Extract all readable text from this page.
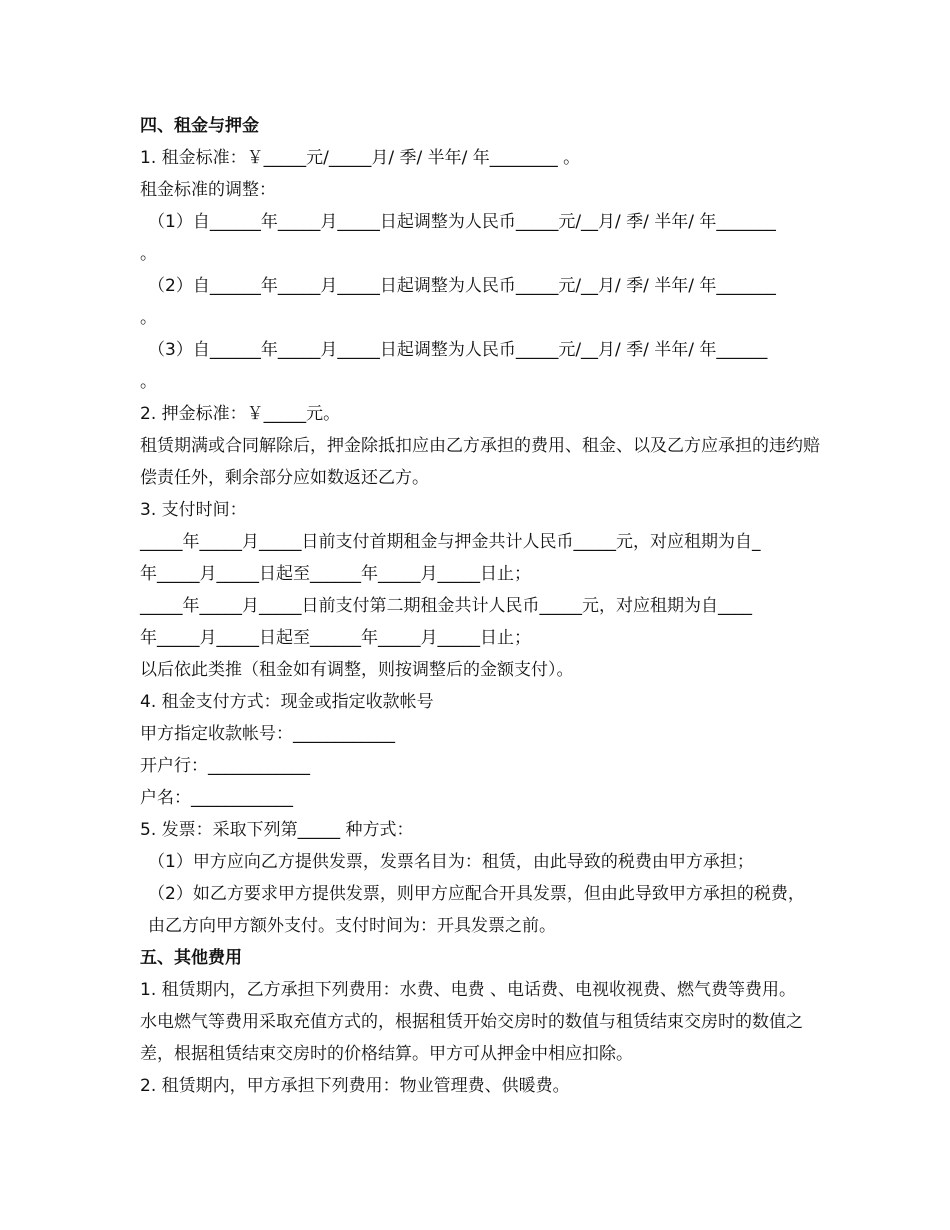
四、租金与押金
1. 租金标准：￥_____元/_____月/ 季/ 半年/ 年________ 。
租金标准的调整：
（1）自______年_____月_____日起调整为人民币_____元/__月/ 季/ 半年/ 年_______
。
（2）自______年_____月_____日起调整为人民币_____元/__月/ 季/ 半年/ 年_______
。
（3）自______年_____月_____日起调整为人民币_____元/__月/ 季/ 半年/ 年______
。
2. 押金标准：￥_____元。
租赁期满或合同解除后，押金除抵扣应由乙方承担的费用、租金、以及乙方应承担的违约赔偿责任外，剩余部分应如数返还乙方。
3. 支付时间：
_____年_____月_____日前支付首期租金与押金共计人民币_____元，对应租期为自_
年_____月_____日起至______年_____月_____日止；
_____年_____月_____日前支付第二期租金共计人民币_____元，对应租期为自____
年_____月_____日起至______年_____月_____日止；
以后依此类推（租金如有调整，则按调整后的金额支付）。
4. 租金支付方式：现金或指定收款帐号
甲方指定收款帐号：____________
开户行：____________
户名：____________
5. 发票：采取下列第_____ 种方式：
（1）甲方应向乙方提供发票，发票名目为：租赁，由此导致的税费由甲方承担；
（2）如乙方要求甲方提供发票，则甲方应配合开具发票，但由此导致甲方承担的税费，由乙方向甲方额外支付。支付时间为：开具发票之前。
五、其他费用
1. 租赁期内，乙方承担下列费用：水费、电费 、电话费、电视收视费、燃气费等费用。
水电燃气等费用采取充值方式的，根据租赁开始交房时的数值与租赁结束交房时的数值之差，根据租赁结束交房时的价格结算。甲方可从押金中相应扣除。
2. 租赁期内，甲方承担下列费用：物业管理费、供暖费。
